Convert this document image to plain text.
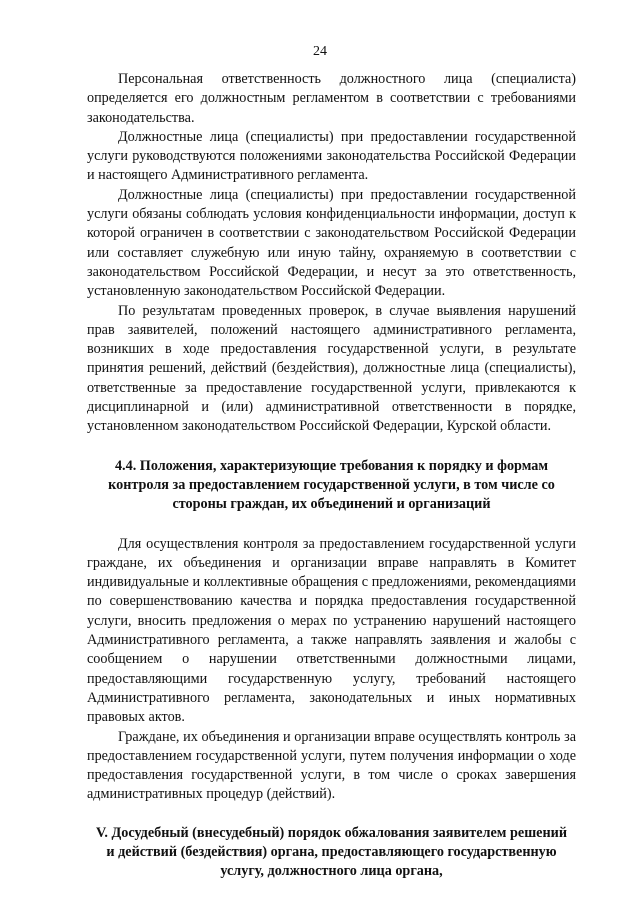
24

Персональная ответственность должностного лица (специалиста) определяется его должностным регламентом в соответствии с требованиями законодательства.

Должностные лица (специалисты) при предоставлении государственной услуги руководствуются положениями законодательства Российской Федерации и настоящего Административного регламента.

Должностные лица (специалисты) при предоставлении государственной услуги обязаны соблюдать условия конфиденциальности информации, доступ к которой ограничен в соответствии с законодательством Российской Федерации или составляет служебную или иную тайну, охраняемую в соответствии с законодательством Российской Федерации, и несут за это ответственность, установленную законодательством Российской Федерации.

По результатам проведенных проверок, в случае выявления нарушений прав заявителей, положений настоящего административного регламента, возникших в ходе предоставления государственной услуги, в результате принятия решений, действий (бездействия), должностные лица (специалисты), ответственные за предоставление государственной услуги, привлекаются к дисциплинарной и (или) административной ответственности в порядке, установленном законодательством Российской Федерации, Курской области.

4.4. Положения, характеризующие требования к порядку и формам контроля за предоставлением государственной услуги, в том числе со стороны граждан, их объединений и организаций

Для осуществления контроля за предоставлением государственной услуги граждане, их объединения и организации вправе направлять в Комитет индивидуальные и коллективные обращения с предложениями, рекомендациями по совершенствованию качества и порядка предоставления государственной услуги, вносить предложения о мерах по устранению нарушений настоящего Административного регламента, а также направлять заявления и жалобы с сообщением о нарушении ответственными должностными лицами, предоставляющими государственную услугу, требований настоящего Административного регламента, законодательных и иных нормативных правовых актов.

Граждане, их объединения и организации вправе осуществлять контроль за предоставлением государственной услуги, путем получения информации о ходе предоставления государственной услуги, в том числе о сроках завершения административных процедур (действий).

V. Досудебный (внесудебный) порядок обжалования заявителем решений и действий (бездействия) органа, предоставляющего государственную услугу, должностного лица органа,
